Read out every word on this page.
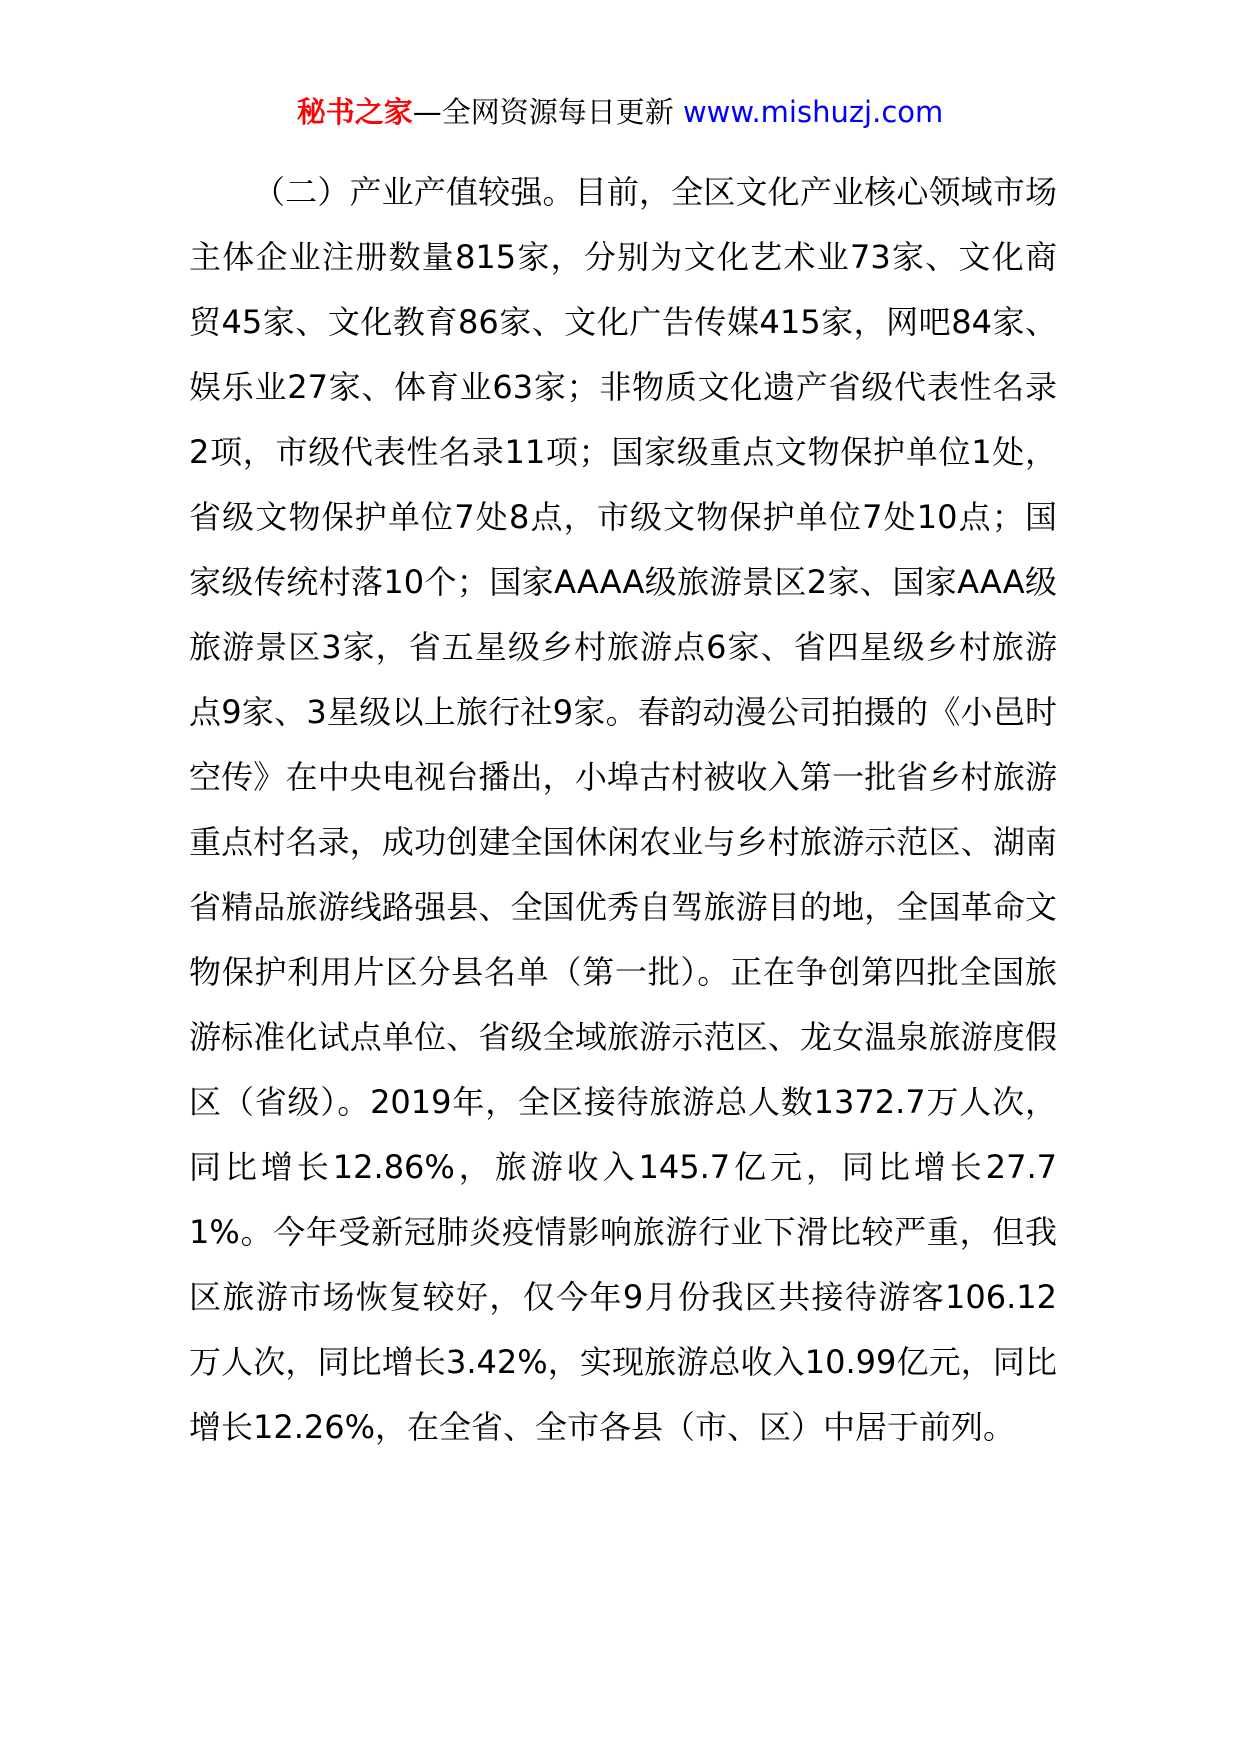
秘书之家—全网资源每日更新 www.mishuzj.com

（二）产业产值较强。目前，全区文化产业核心领域市场主体企业注册数量815家，分别为文化艺术业73家、文化商贸45家、文化教育86家、文化广告传媒415家，网吧84家、娱乐业27家、体育业63家；非物质文化遗产省级代表性名录2项，市级代表性名录11项；国家级重点文物保护单位1处，省级文物保护单位7处8点，市级文物保护单位7处10点；国家级传统村落10个；国家AAAA级旅游景区2家、国家AAA级旅游景区3家，省五星级乡村旅游点6家、省四星级乡村旅游点9家、3星级以上旅行社9家。春韵动漫公司拍摄的《小邑时空传》在中央电视台播出，小埠古村被收入第一批省乡村旅游重点村名录，成功创建全国休闲农业与乡村旅游示范区、湖南省精品旅游线路强县、全国优秀自驾旅游目的地，全国革命文物保护利用片区分县名单（第一批）。正在争创第四批全国旅游标准化试点单位、省级全域旅游示范区、龙女温泉旅游度假区（省级）。2019年，全区接待旅游总人数1372.7万人次，同比增长12.86%，旅游收入145.7亿元，同比增长27.71%。今年受新冠肺炎疫情影响旅游行业下滑比较严重，但我区旅游市场恢复较好，仅今年9月份我区共接待游客106.12万人次，同比增长3.42%，实现旅游总收入10.99亿元，同比增长12.26%，在全省、全市各县（市、区）中居于前列。
